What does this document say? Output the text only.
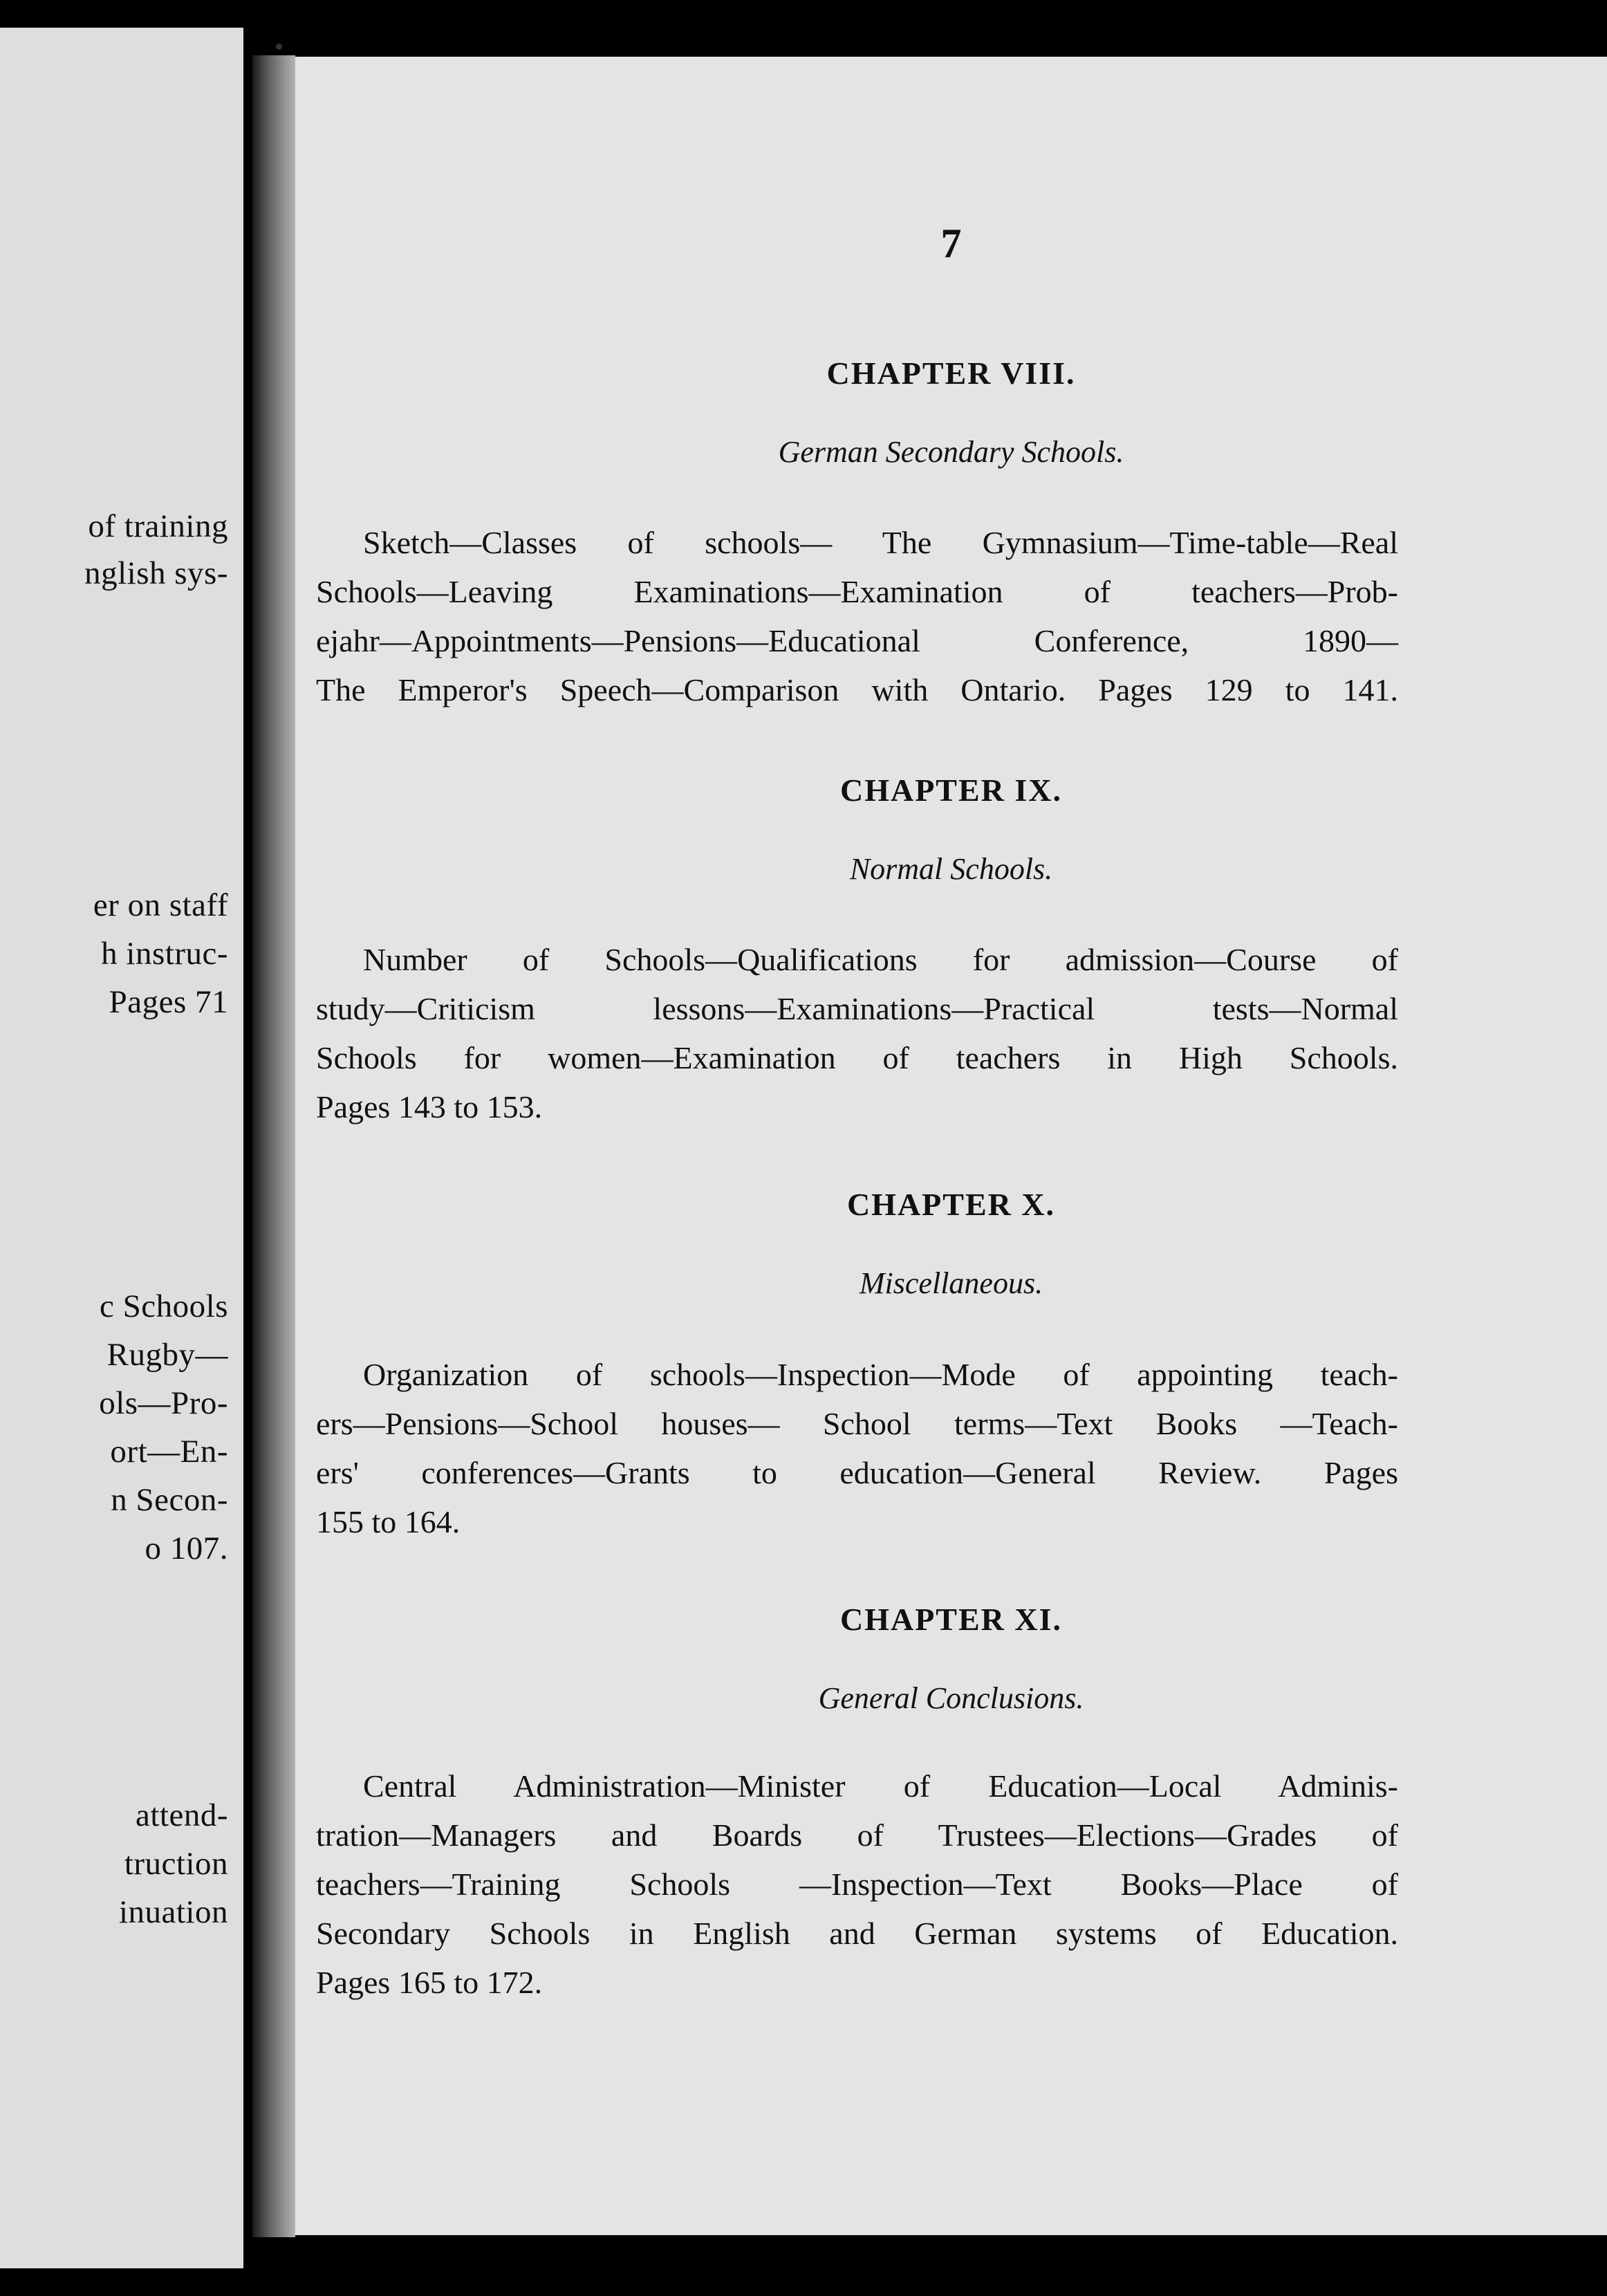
of training
nglish sys-
er on staff
h instruc-
Pages 71
c Schools
Rugby—
ols—Pro-
ort—En-
n Secon-
o 107.
attend-
truction
inuation
7
CHAPTER VIII.
German Secondary Schools.
Sketch—Classes of schools— The Gymnasium—Time-table—Real
Schools—Leaving Examinations—Examination of teachers—Prob-
ejahr—Appointments—Pensions—Educational Conference, 1890—
The Emperor's Speech—Comparison with Ontario. Pages 129 to 141.
CHAPTER IX.
Normal Schools.
Number of Schools—Qualifications for admission—Course of
study—Criticism lessons—Examinations—Practical tests—Normal
Schools for women—Examination of teachers in High Schools.
Pages 143 to 153.
CHAPTER X.
Miscellaneous.
Organization of schools—Inspection—Mode of appointing teach-
ers—Pensions—School houses— School terms—Text Books —Teach-
ers' conferences—Grants to education—General Review. Pages
155 to 164.
CHAPTER XI.
General Conclusions.
Central Administration—Minister of Education—Local Adminis-
tration—Managers and Boards of Trustees—Elections—Grades of
teachers—Training Schools —Inspection—Text Books—Place of
Secondary Schools in English and German systems of Education.
Pages 165 to 172.
